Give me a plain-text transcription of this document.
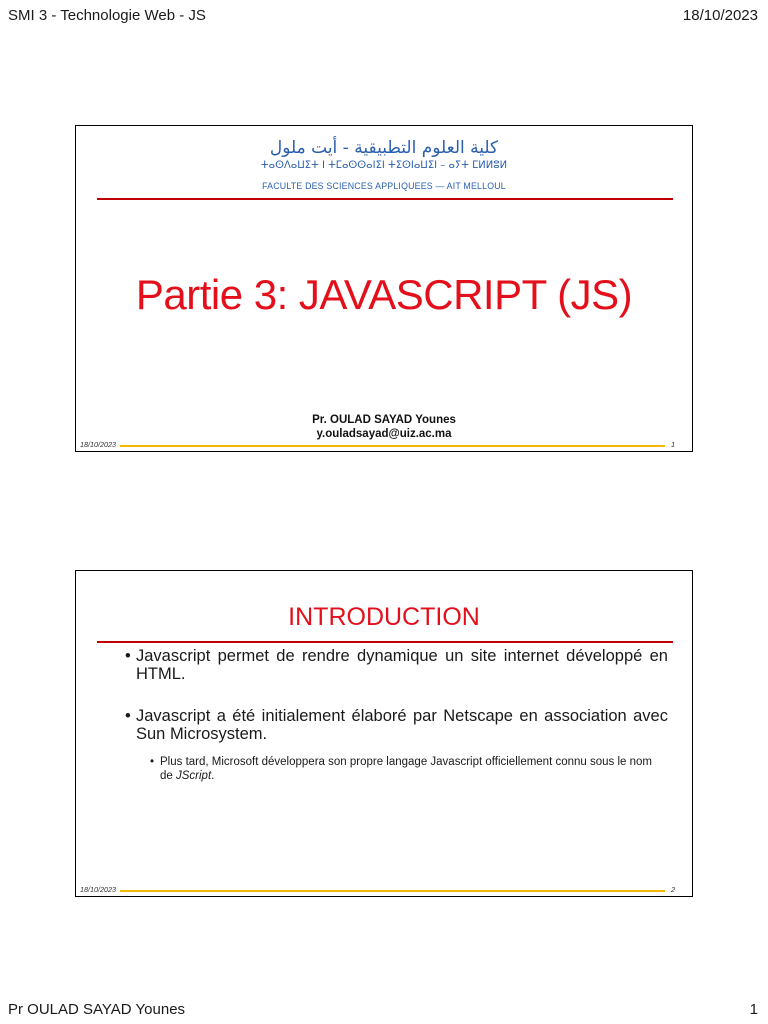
SMI 3 - Technologie Web - JS	18/10/2023
كلية العلوم التطبيقية - أيت ملول
ⵜⴰⵙⴷⴰⵡⵉⵜ ⵏ ⵜⵎⴰⵙⵙⴰⵏⵉⵏ ⵜⵉⵙⵏⴰⵡⵉⵏ – ⴰⵢⵜ ⵎⵍⵍⵓⵍ
FACULTE DES SCIENCES APPLIQUEES — AIT MELLOUL
Partie 3: JAVASCRIPT (JS)
Pr. OULAD SAYAD Younes
y.ouladsayad@uiz.ac.ma
18/10/2023	1
INTRODUCTION
•
Javascript permet de rendre dynamique un site internet développé en HTML.
•
Javascript a été initialement élaboré par Netscape en association avec Sun Microsystem.
•
Plus tard, Microsoft développera son propre langage Javascript officiellement connu sous le nom de JScript.
18/10/2023	2
Pr OULAD SAYAD Younes	1
